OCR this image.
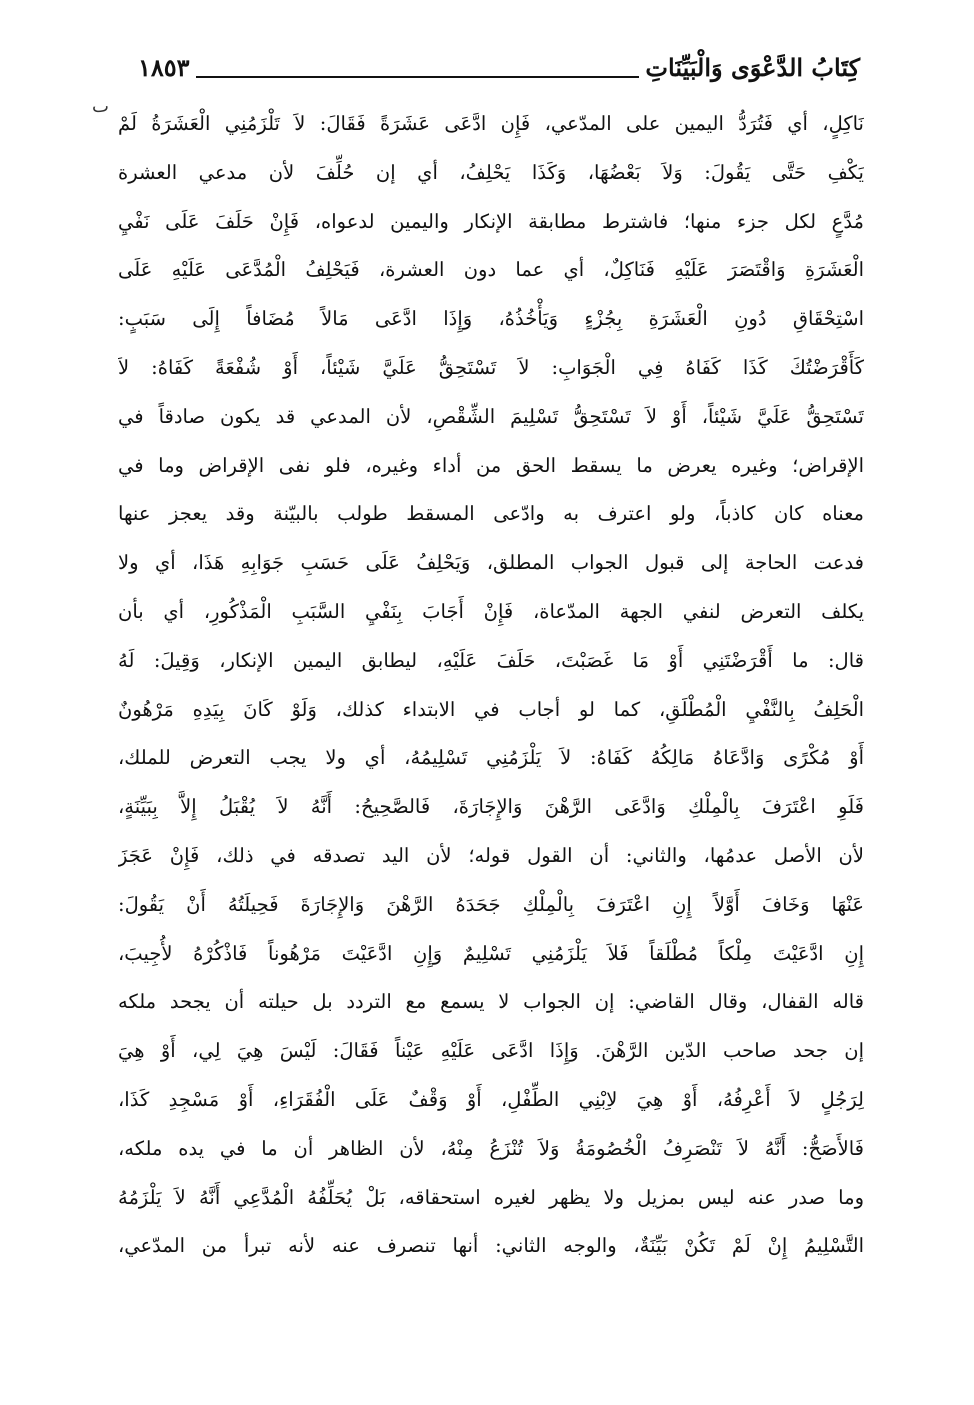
كِتَابُ الدَّعْوَى وَالْبَيِّنَاتِ
١٨٥٣
ٮ
نَاكِلٍ، أي فَتُرَدُّ اليمين على المدّعي، فَإِن ادَّعَى عَشَرَةً فَقَالَ: لاَ تَلْزَمُنِي الْعَشَرَةُ لَمْ
يَكْفِ حَتَّى يَقُولَ: وَلاَ بَعْضُهَا، وَكَذَا يَحْلِفُ، أي إن حُلِّفَ لأن مدعي العشرة
مُدَّعٍ لكل جزء منها؛ فاشترط مطابقة الإنكار واليمين لدعواه، فَإِنْ حَلَفَ عَلَى نَفْيِ
الْعَشَرَةِ وَاقْتَصَرَ عَلَيْهِ فَنَاكِلٌ، أي عما دون العشرة، فَيَحْلِفُ الْمُدَّعَى عَلَيْهِ عَلَى
اسْتِحْقَاقِ دُونِ الْعَشَرَةِ بِجُزْءٍ وَيَأْخُذُهُ، وَإِذَا ادَّعَى مَالاً مُضَافاً إِلَى سَبَبٍ:
كَأَقْرَضْتُكَ كَذَا كَفَاهُ فِي الْجَوَابِ: لاَ تَسْتَحِقُّ عَلَيَّ شَيْئاً، أَوْ شُفْعَةً كَفَاهُ: لاَ
تَسْتَحِقُّ عَلَيَّ شَيْئاً، أَوْ لاَ تَسْتَحِقُّ تَسْلِيمَ الشِّقْصِ، لأن المدعي قد يكون صادقاً في
الإقراض؛ وغيره يعرض ما يسقط الحق من أداء وغيره، فلو نفى الإقراض وما في
معناه كان كاذباً، ولو اعترف به وادّعى المسقط طولب بالبيّنة وقد يعجز عنها
فدعت الحاجة إلى قبول الجواب المطلق، وَيَحْلِفُ عَلَى حَسَبِ جَوَابِهِ هَذَا، أي ولا
يكلف التعرض لنفي الجهة المدّعاة، فَإِنْ أَجَابَ بِنَفْيِ السَّبَبِ الْمَذْكُورِ، أي بأن
قال: ما أَقْرَضْتَنِي أَوْ مَا غَصَبْتَ، حَلَفَ عَلَيْهِ، ليطابق اليمين الإنكار، وَقِيلَ: لَهُ
الْحَلِفُ بِالنَّفْيِ الْمُطْلَقِ، كما لو أجاب في الابتداء كذلك، وَلَوْ كَانَ بِيَدِهِ مَرْهُونٌ
أَوْ مُكْرًى وَادَّعَاهُ مَالِكُهُ كَفَاهُ: لاَ يَلْزَمُنِي تَسْلِيمُهُ، أي ولا يجب التعرض للملك،
فَلَوِ اعْتَرَفَ بِالْمِلْكِ وَادَّعَى الرَّهْنَ وَالإِجَارَةَ، فَالصَّحِيحُ: أَنَّهُ لاَ يُقْبَلُ إِلاَّ بِبَيِّنَةٍ،
لأن الأصل عدمُها، والثاني: أن القول قوله؛ لأن اليد تصدقه في ذلك، فَإِنْ عَجَزَ
عَنْهَا وَخَافَ أَوَّلاً إِنِ اعْتَرَفَ بِالْمِلْكِ جَحَدَهُ الرَّهْنَ وَالإِجَارَةَ فَحِيلَتُهُ أَنْ يَقُولَ:
إِنِ ادَّعَيْتَ مِلْكاً مُطْلَقاً فَلاَ يَلْزَمُنِي تَسْلِيمٌ وَإِنِ ادَّعَيْتَ مَرْهُوناً فَاذْكُرْهُ لأُجِيبَ،
قاله القفال، وقال القاضي: إن الجواب لا يسمع مع التردد بل حيلته أن يجحد ملكه
إن جحد صاحب الدّين الرَّهْنَ. وَإِذَا ادَّعَى عَلَيْهِ عَيْناً فَقَالَ: لَيْسَ هِيَ لِي، أَوْ هِيَ
لِرَجُلٍ لاَ أَعْرِفُهُ، أَوْ هِيَ لاِبْنِي الطِّفْلِ، أَوْ وَقْفٌ عَلَى الْفُقَرَاءِ، أَوْ مَسْجِدِ كَذَا،
فَالأَصَحُّ: أَنَّهُ لاَ تَنْصَرِفُ الْخُصُومَةُ وَلاَ تُنْزَعُ مِنْهُ، لأن الظاهر أن ما في يده ملكه،
وما صدر عنه ليس بمزيل ولا يظهر لغيره استحقاقه، بَلْ يُحَلِّفُهُ الْمُدَّعِي أَنَّهُ لاَ يَلْزَمُهُ
التَّسْلِيمُ إِنْ لَمْ تَكُنْ بَيِّنَةٌ، والوجه الثاني: أنها تنصرف عنه لأنه تبرأ من المدّعي،
